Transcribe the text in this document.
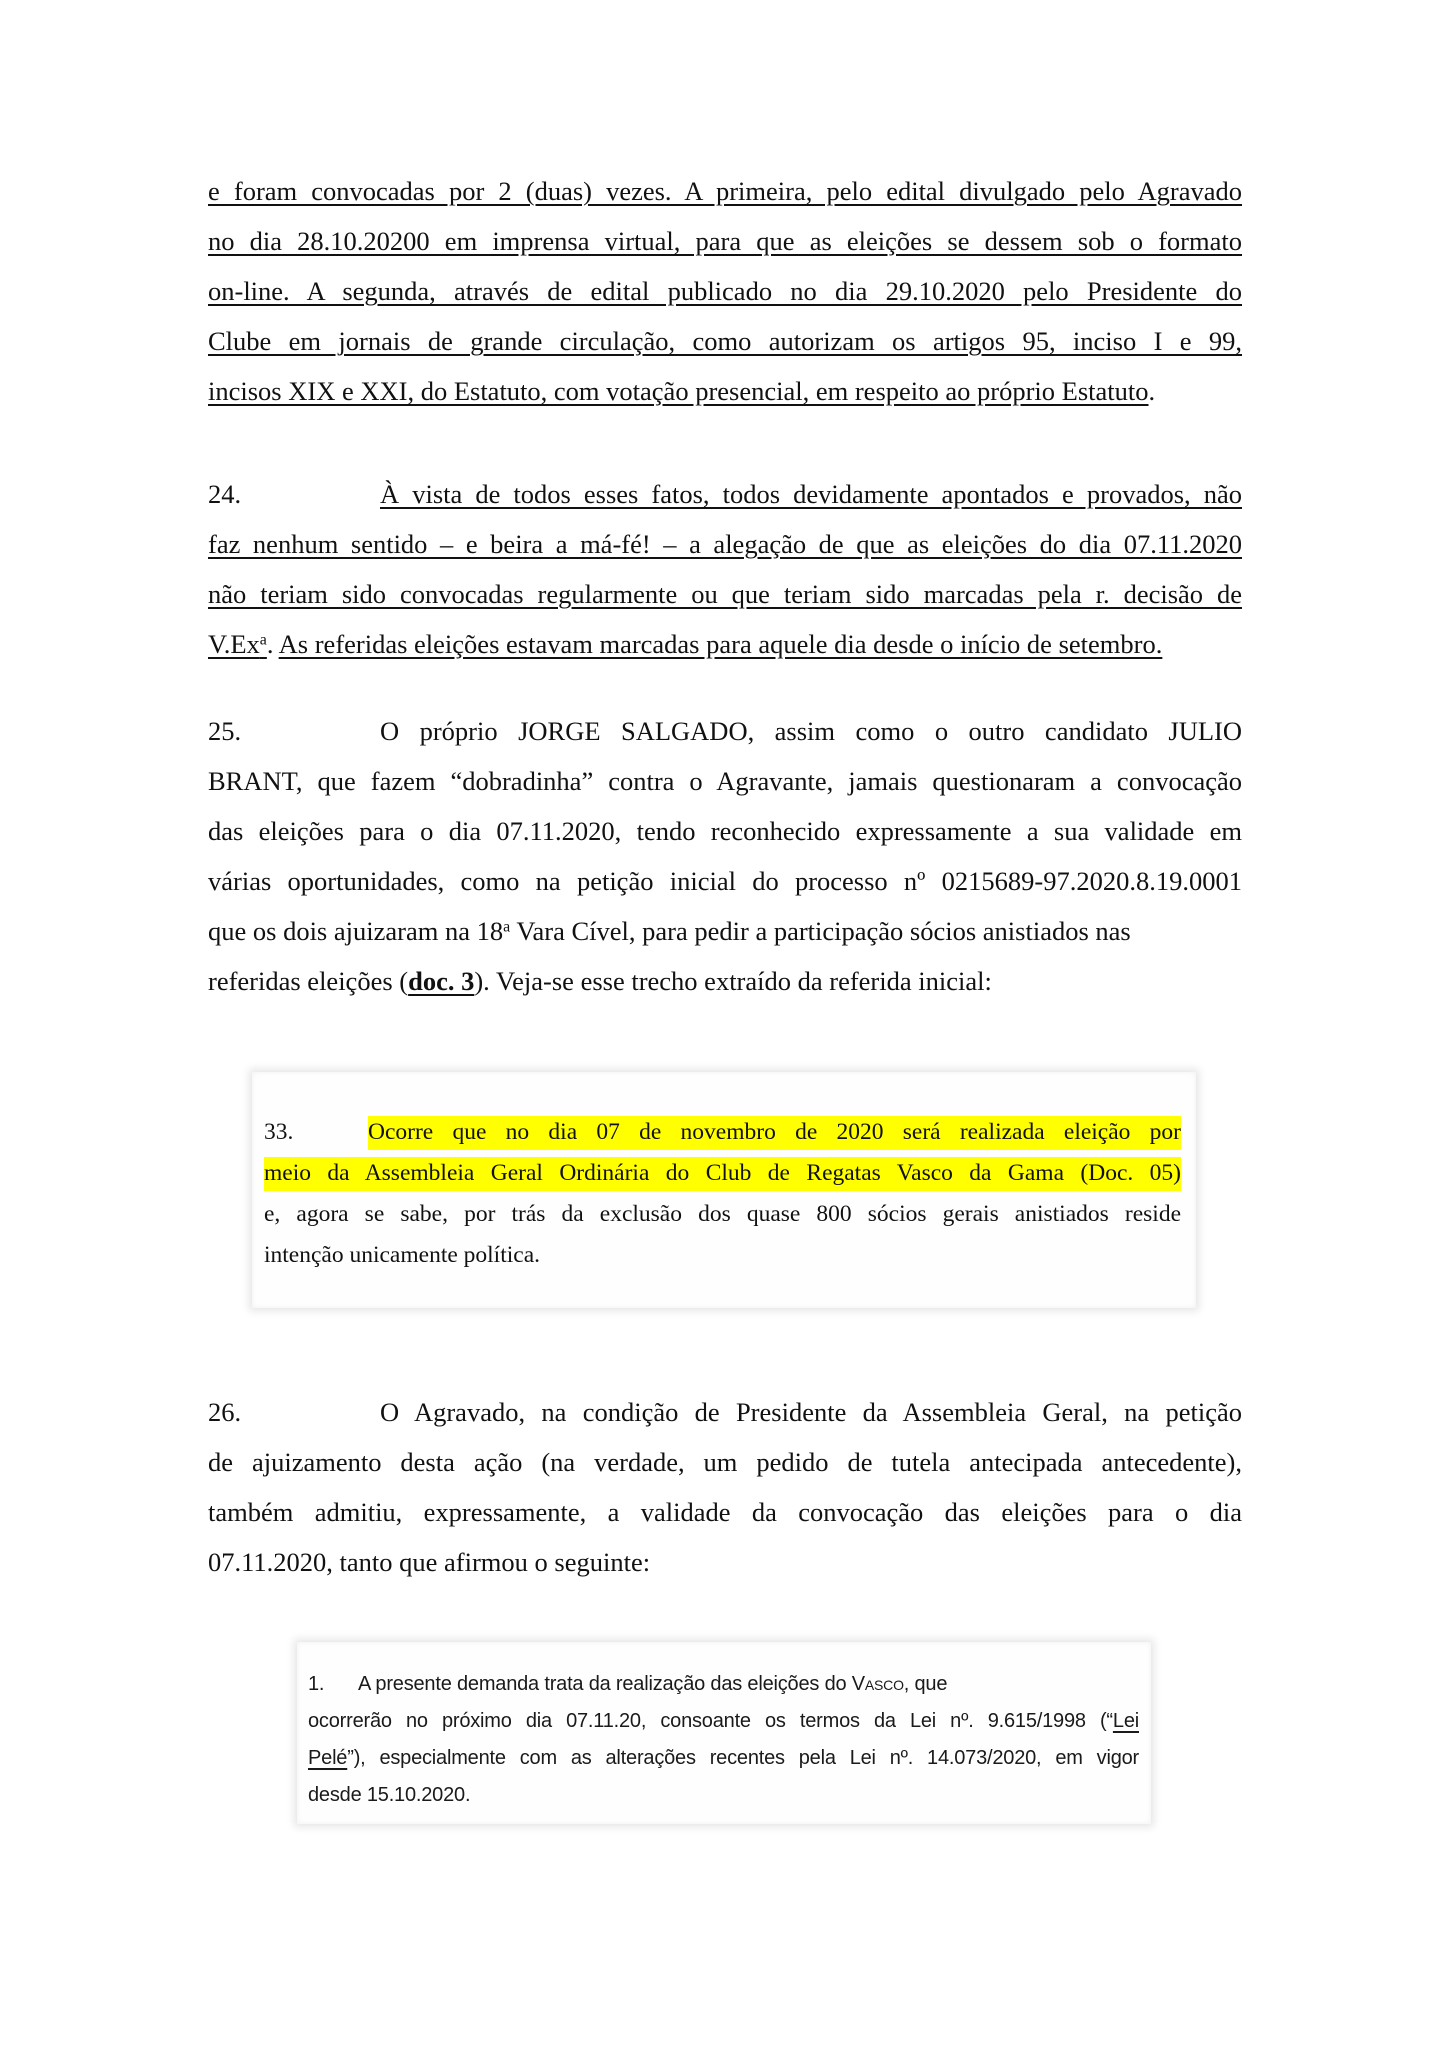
e foram convocadas por 2 (duas) vezes. A primeira, pelo edital divulgado pelo Agravado
no dia 28.10.20200 em imprensa virtual, para que as eleições se dessem sob o formato
on-line. A segunda, através de edital publicado no dia 29.10.2020 pelo Presidente do
Clube em jornais de grande circulação, como autorizam os artigos 95, inciso I e 99,
incisos XIX e XXI, do Estatuto, com votação presencial, em respeito ao próprio Estatuto.
24.	À vista de todos esses fatos, todos devidamente apontados e provados, não
faz nenhum sentido – e beira a má-fé! – a alegação de que as eleições do dia 07.11.2020
não teriam sido convocadas regularmente ou que teriam sido marcadas pela r. decisão de
V.Ex$^a$. As referidas eleições estavam marcadas para aquele dia desde o início de setembro.
25.	O próprio JORGE SALGADO, assim como o outro candidato JULIO
BRANT, que fazem “dobradinha” contra o Agravante, jamais questionaram a convocação
das eleições para o dia 07.11.2020, tendo reconhecido expressamente a sua validade em
várias oportunidades, como na petição inicial do processo nº 0215689-97.2020.8.19.0001
que os dois ajuizaram na 18$^a$ Vara Cível, para pedir a participação sócios anistiados nas
referidas eleições (doc. 3). Veja-se esse trecho extraído da referida inicial:
33.	Ocorre que no dia 07 de novembro de 2020 será realizada eleição por
meio da Assembleia Geral Ordinária do Club de Regatas Vasco da Gama (Doc. 05)
e, agora se sabe, por trás da exclusão dos quase 800 sócios gerais anistiados reside
intenção unicamente política.
26.	O Agravado, na condição de Presidente da Assembleia Geral, na petição
de ajuizamento desta ação (na verdade, um pedido de tutela antecipada antecedente),
também admitiu, expressamente, a validade da convocação das eleições para o dia
07.11.2020, tanto que afirmou o seguinte:
1. A presente demanda trata da realização das eleições do Vasco, que
ocorrerão no próximo dia 07.11.20, consoante os termos da Lei nº. 9.615/1998 (“Lei
Pelé”), especialmente com as alterações recentes pela Lei nº. 14.073/2020, em vigor
desde 15.10.2020.
